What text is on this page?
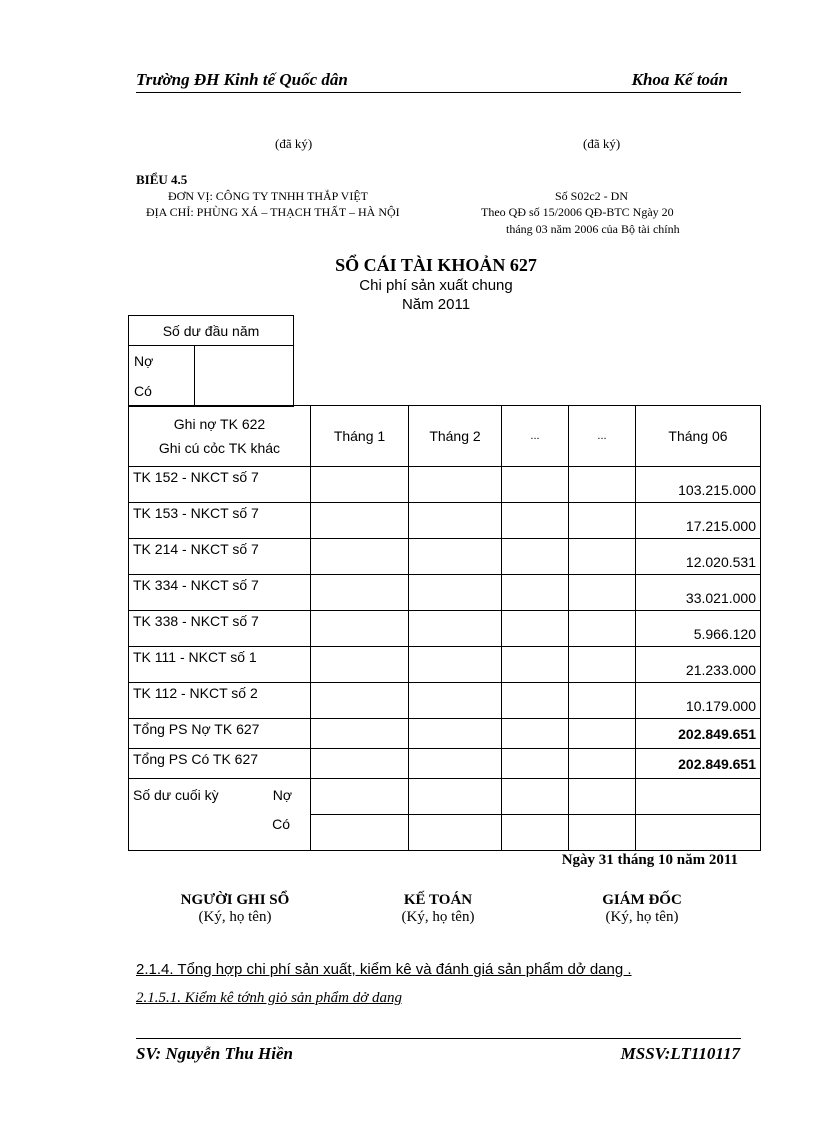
Trường ĐH Kinh tế Quốc dân	Khoa Kế toán
(đã ký)	(đã ký)
BIỂU 4.5
ĐƠN VỊ: CÔNG TY TNHH THẮP VIỆT
ĐỊA CHỈ: PHÙNG XÁ – THẠCH THẤT – HÀ NỘI
Số S02c2 - DN
Theo QĐ số 15/2006 QĐ-BTC Ngày 20
tháng 03 năm 2006 của Bộ tài chính
SỔ CÁI TÀI KHOẢN 627
Chi phí sản xuất chung
Năm 2011
Số dư đầu năm
Nợ
Có	
Ghi nợ TK 622
Ghi cú cỏc TK khác	Tháng 1	Tháng 2	...	...	Tháng 06
TK 152 - NKCT số 7					103.215.000
TK 153 - NKCT số 7					17.215.000
TK 214 - NKCT số 7					12.020.531
TK 334 - NKCT số 7					33.021.000
TK 338 - NKCT số 7					5.966.120
TK 111 - NKCT số 1					21.233.000
TK 112 - NKCT số 2					10.179.000
Tổng PS Nợ TK 627					202.849.651
Tổng PS Có TK 627					202.849.651
Số dư cuối kỳ Nợ

Có					

Ngày 31 tháng 10 năm 2011
NGƯỜI GHI SỔ
(Ký, họ tên)
KẾ TOÁN
(Ký, họ tên)
GIÁM ĐỐC
(Ký, họ tên)
2.1.4. Tổng hợp chi phí sản xuất, kiểm kê và đánh giá sản phẩm dở dang .
2.1.5.1. Kiểm kê tớnh giỏ sản phẩm dở dang
SV: Nguyễn Thu Hiền	MSSV:LT110117
